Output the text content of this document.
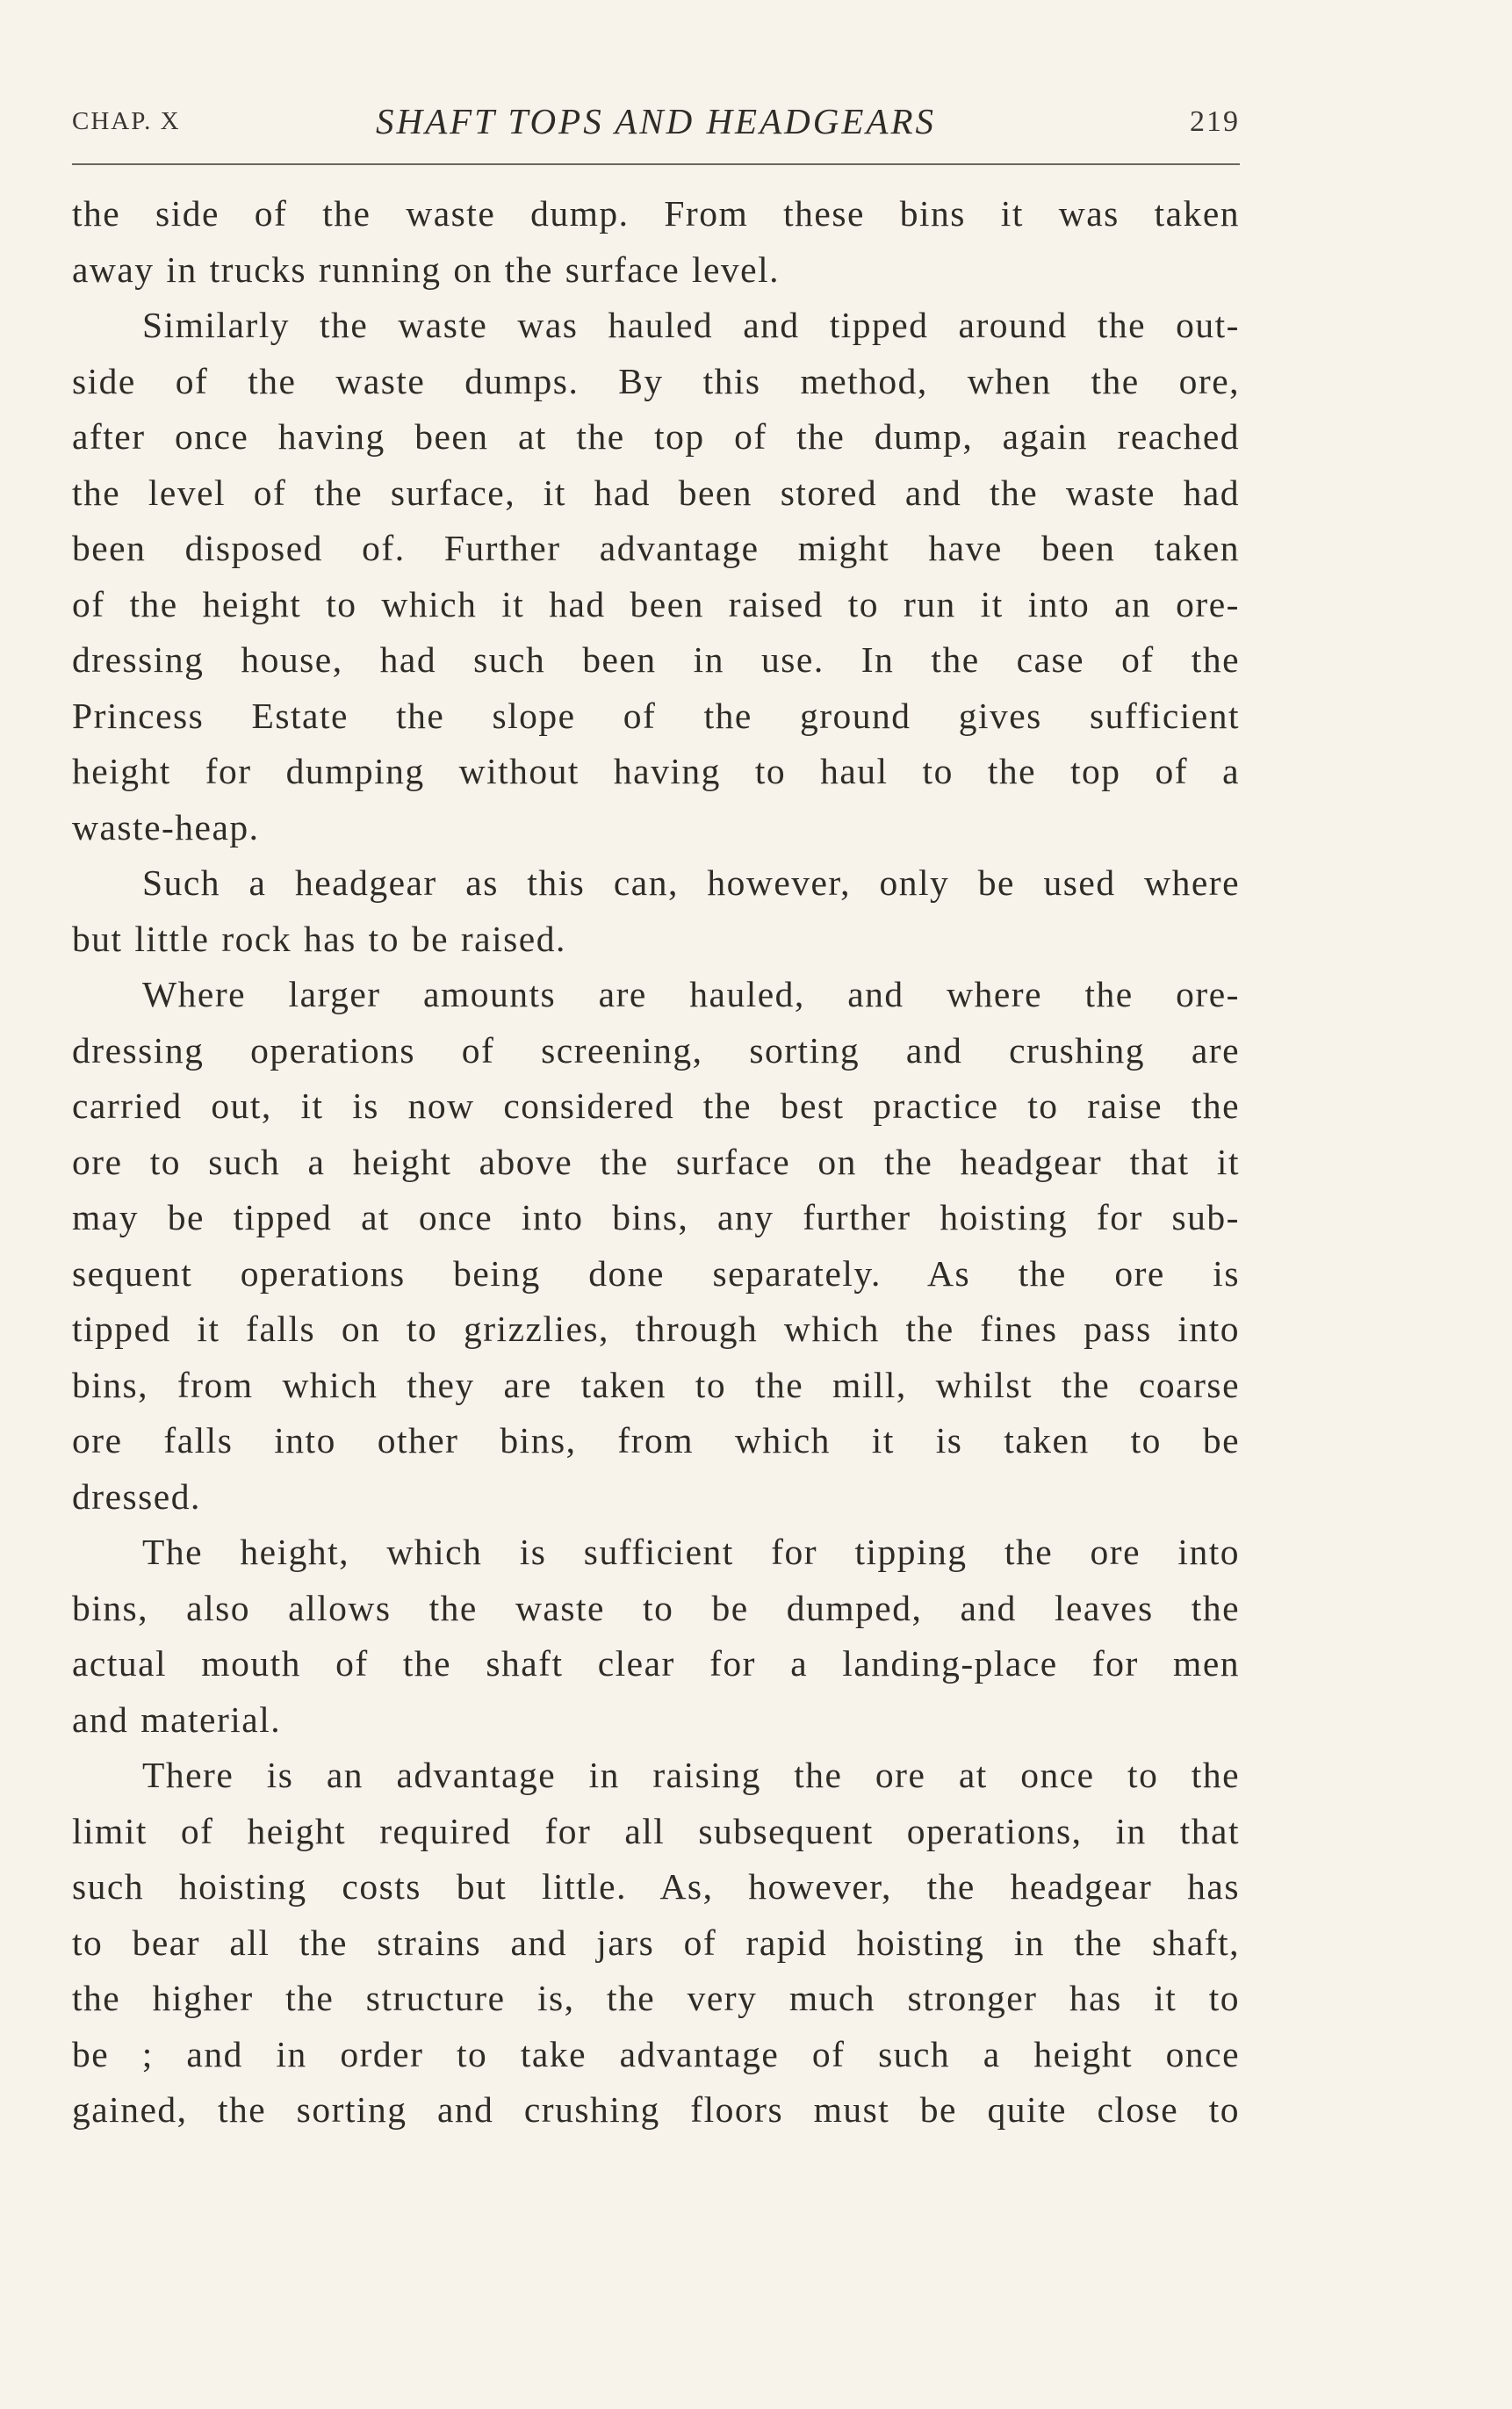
CHAP. X	SHAFT TOPS AND HEADGEARS	219
the side of the waste dump. From these bins it was taken
away in trucks running on the surface level.
Similarly the waste was hauled and tipped around the out-
side of the waste dumps. By this method, when the ore,
after once having been at the top of the dump, again reached
the level of the surface, it had been stored and the waste had
been disposed of. Further advantage might have been taken
of the height to which it had been raised to run it into an ore-
dressing house, had such been in use. In the case of the
Princess Estate the slope of the ground gives sufficient
height for dumping without having to haul to the top of a
waste-heap.
Such a headgear as this can, however, only be used where
but little rock has to be raised.
Where larger amounts are hauled, and where the ore-
dressing operations of screening, sorting and crushing are
carried out, it is now considered the best practice to raise the
ore to such a height above the surface on the headgear that it
may be tipped at once into bins, any further hoisting for sub-
sequent operations being done separately. As the ore is
tipped it falls on to grizzlies, through which the fines pass into
bins, from which they are taken to the mill, whilst the coarse
ore falls into other bins, from which it is taken to be
dressed.
The height, which is sufficient for tipping the ore into
bins, also allows the waste to be dumped, and leaves the
actual mouth of the shaft clear for a landing-place for men
and material.
There is an advantage in raising the ore at once to the
limit of height required for all subsequent operations, in that
such hoisting costs but little. As, however, the headgear has
to bear all the strains and jars of rapid hoisting in the shaft,
the higher the structure is, the very much stronger has it to
be ; and in order to take advantage of such a height once
gained, the sorting and crushing floors must be quite close to
